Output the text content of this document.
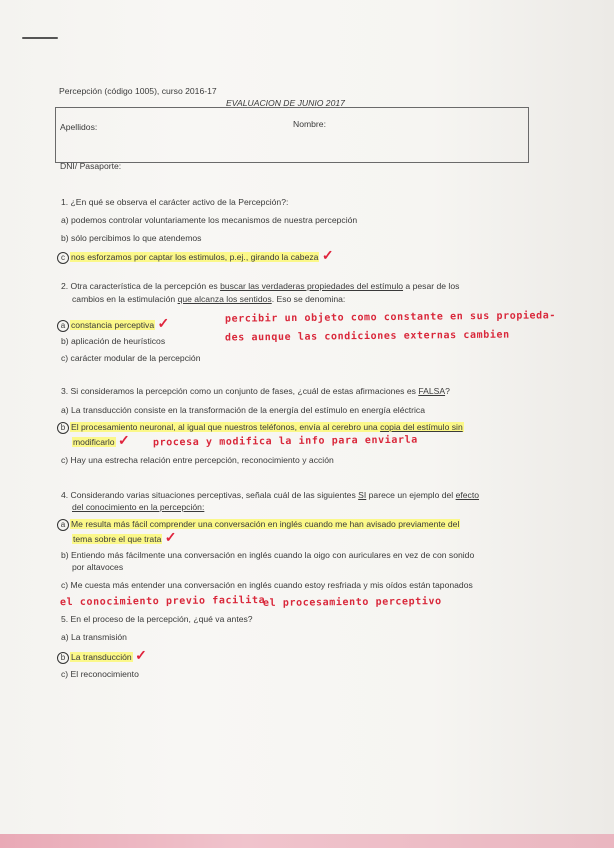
Percepción (código 1005), curso 2016-17
EVALUACION DE JUNIO 2017
Apellidos:	Nombre:
DNI/ Pasaporte:
1. ¿En qué se observa el carácter activo de la Percepción?:
a) podemos controlar voluntariamente los mecanismos de nuestra percepción
b) sólo percibimos lo que atendemos
c nos esforzamos por captar los estimulos, p.ej., girando la cabeza ✓
2. Otra característica de la percepción es buscar las verdaderas propiedades del estímulo a pesar de los
cambios en la estimulación que alcanza los sentidos. Eso se denomina:
a constancia perceptiva ✓	percibir un objeto como constante en sus propieda-
des aunque las condiciones externas cambien
b) aplicación de heurísticos
c) carácter modular de la percepción
3. Si consideramos la percepción como un conjunto de fases, ¿cuál de estas afirmaciones es FALSA?
a) La transducción consiste en la transformación de la energía del estímulo en energía eléctrica
b El procesamiento neuronal, al igual que nuestros teléfonos, envía al cerebro una copia del estímulo sin
modificarlo ✓ procesa y modifica la info para enviarla
c) Hay una estrecha relación entre percepción, reconocimiento y acción
4. Considerando varias situaciones perceptivas, señala cuál de las siguientes SI parece un ejemplo del efecto
del conocimiento en la percepción:
a Me resulta más fácil comprender una conversación en inglés cuando me han avisado previamente del
tema sobre el que trata ✓
b) Entiendo más fácilmente una conversación en inglés cuando la oigo con auriculares en vez de con sonido
por altavoces
c) Me cuesta más entender una conversación en inglés cuando estoy resfriada y mis oídos están taponados
el conocimiento previo facilita
el procesamiento perceptivo
5. En el proceso de la percepción, ¿qué va antes?
a) La transmisión
b La transducción ✓
c) El reconocimiento
